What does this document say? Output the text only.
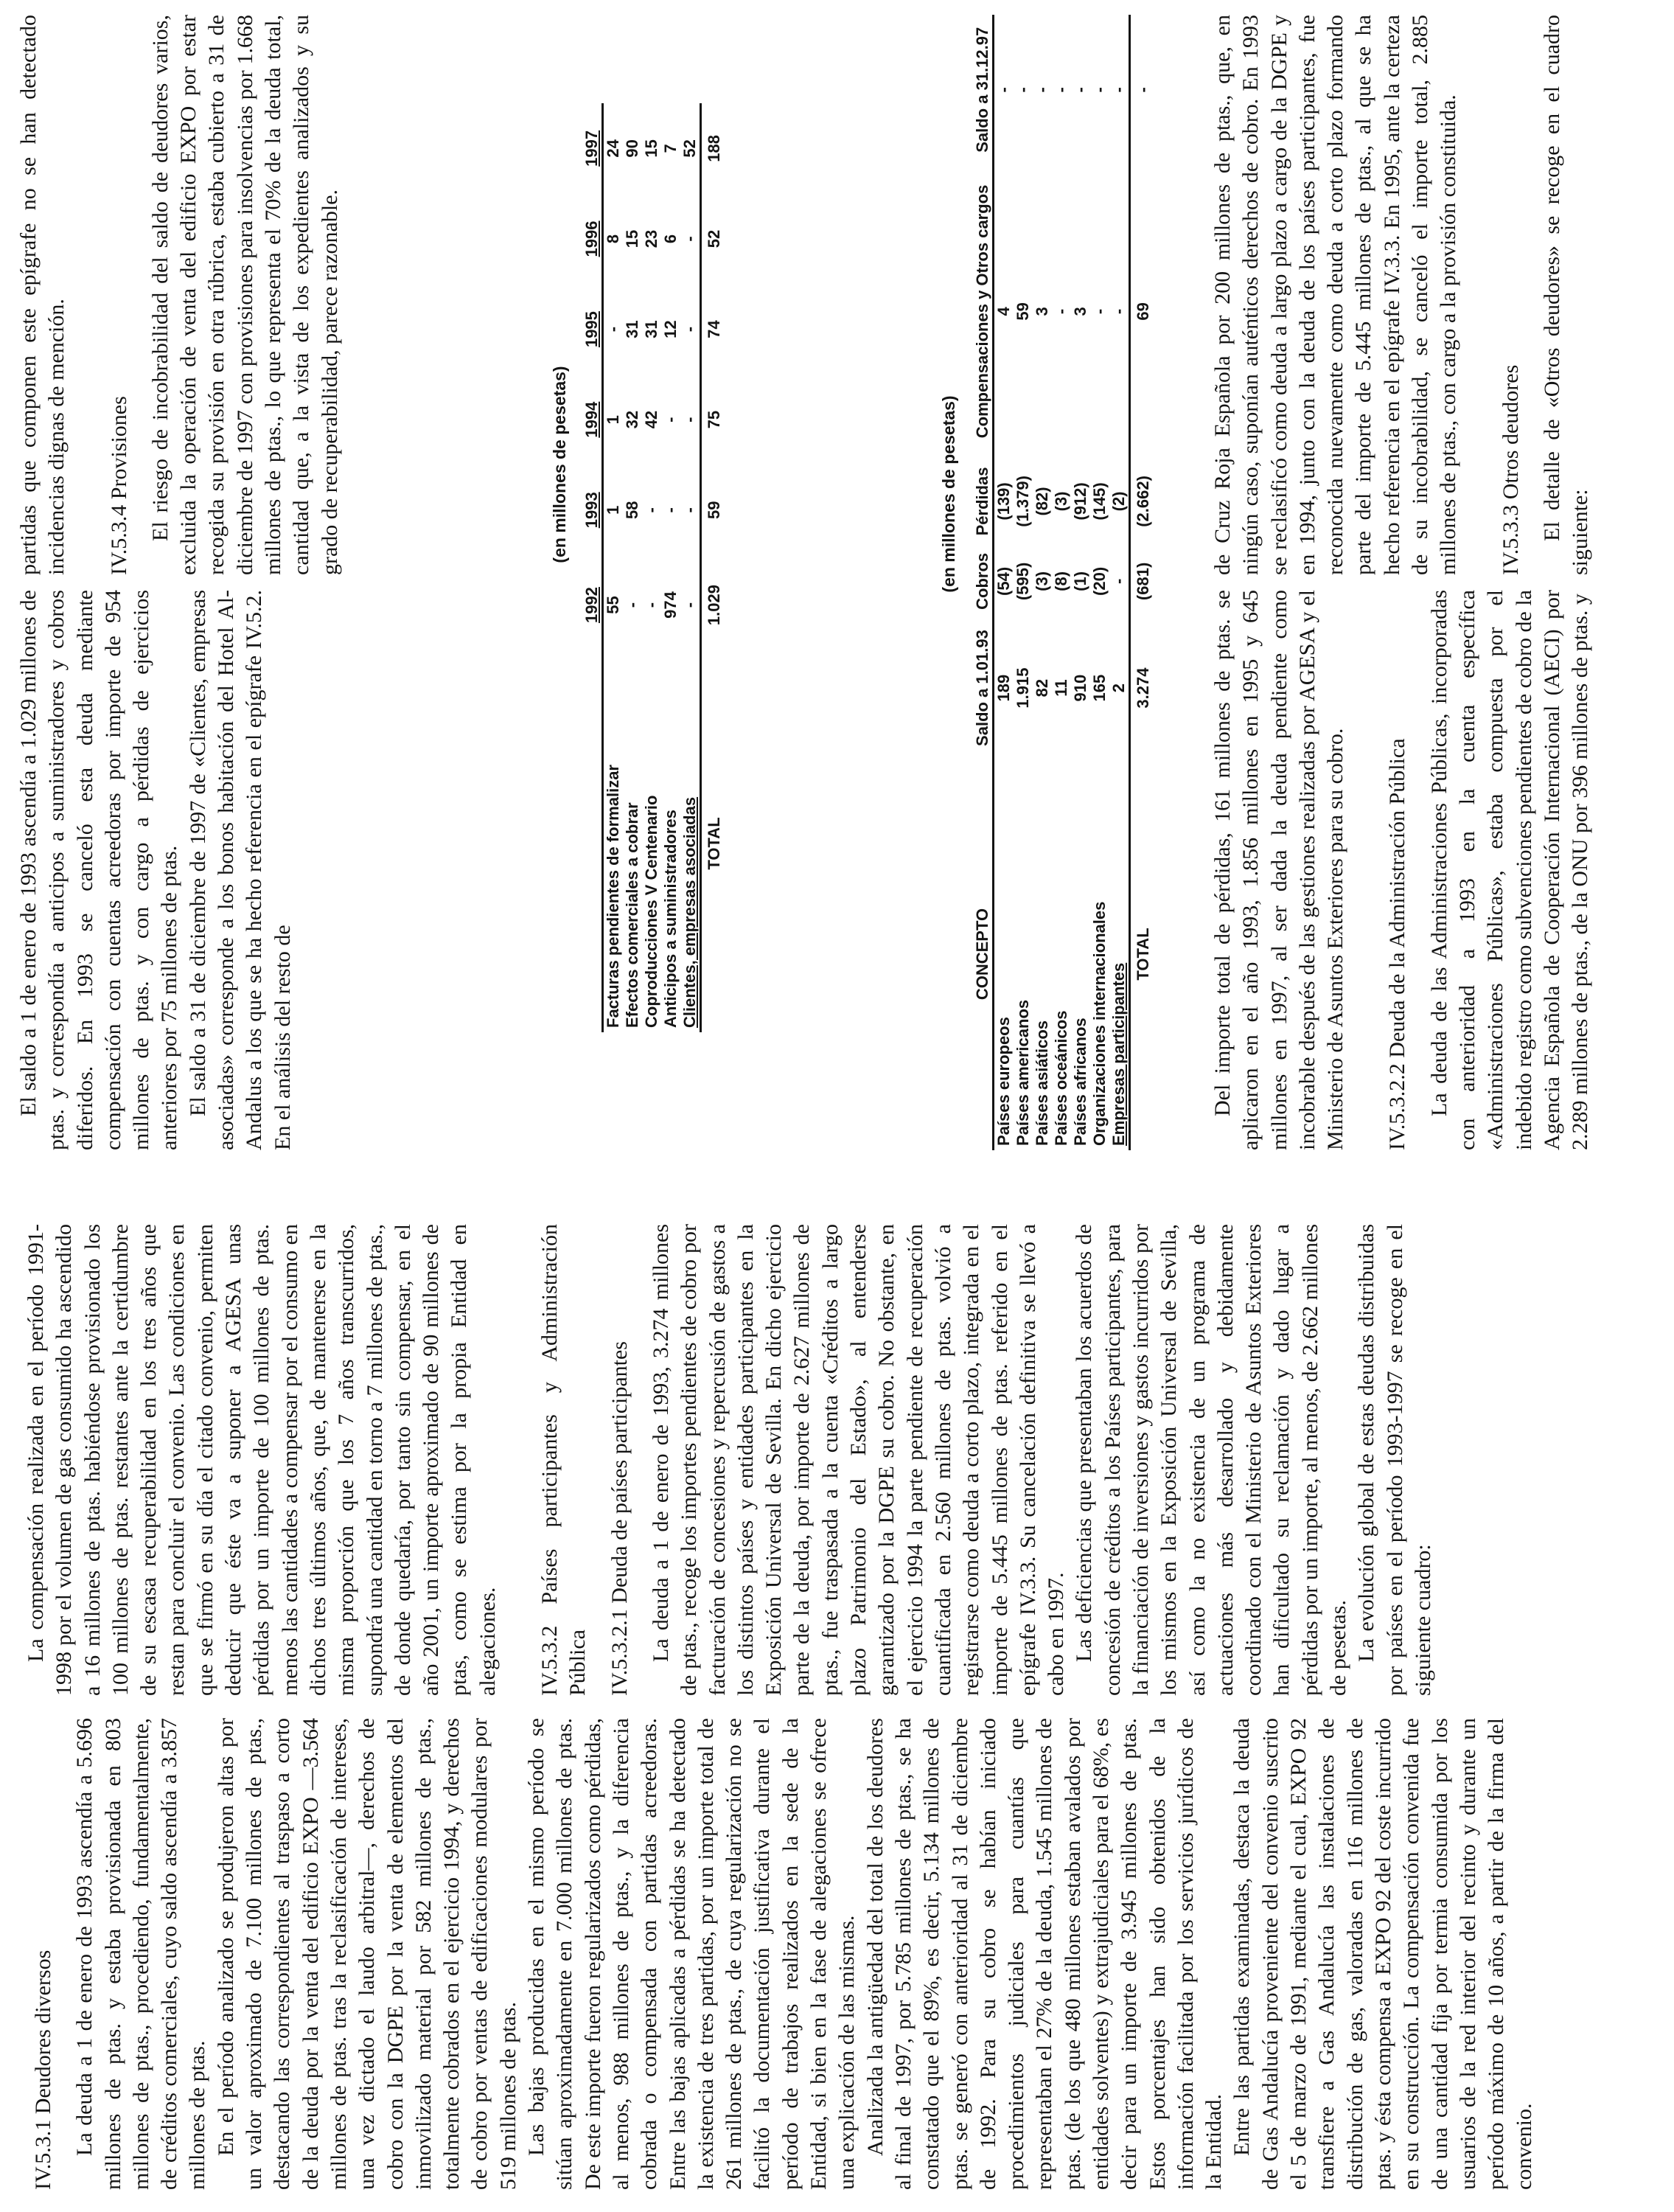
IV.5.3.1 Deudores diversos La deuda a 1 de enero de 1993 ascendía a 5.696 millones de ptas. y estaba provisionada en 803 millones de ptas., procediendo, fundamentalmente, de créditos comerciales, cuyo saldo ascendía a 3.857 millones de ptas. En el período analizado se produjeron altas por un valor aproximado de 7.100 millones de ptas., destacando las correspondientes al traspaso a corto de la deuda por la venta del edificio EXPO —3.564 millones de ptas. tras la reclasificación de intereses, una vez dictado el laudo arbitral—, derechos de cobro con la DGPE por la venta de elementos del inmovilizado material por 582 millones de ptas., totalmente cobrados en el ejercicio 1994, y derechos de cobro por ventas de edificaciones modulares por 519 millones de ptas. Las bajas producidas en el mismo período se sitúan aproximadamente en 7.000 millones de ptas. De este importe fueron regularizados como pérdidas, al menos, 988 millones de ptas., y la diferencia cobrada o compensada con partidas acreedoras. Entre las bajas aplicadas a pérdidas se ha detectado la existencia de tres partidas, por un importe total de 261 millones de ptas., de cuya regularización no se facilitó la documentación justificativa durante el período de trabajos realizados en la sede de la Entidad, si bien en la fase de alegaciones se ofrece una explicación de las mismas. Analizada la antigüedad del total de los deudores al final de 1997, por 5.785 millones de ptas., se ha constatado que el 89%, es decir, 5.134 millones de ptas. se generó con anterioridad al 31 de diciembre de 1992. Para su cobro se habían iniciado procedimientos judiciales para cuantías que representaban el 27% de la deuda, 1.545 millones de ptas. (de los que 480 millones estaban avalados por entidades solventes) y extrajudiciales para el 68%, es decir para un importe de 3.945 millones de ptas. Estos porcentajes han sido obtenidos de la información facilitada por los servicios jurídicos de la Entidad. Entre las partidas examinadas, destaca la deuda de Gas Andalucía proveniente del convenio suscrito el 5 de marzo de 1991, mediante el cual, EXPO 92 transfiere a Gas Andalucía las instalaciones de distribución de gas, valoradas en 116 millones de ptas. y ésta compensa a EXPO 92 del coste incurrido en su construcción. La compensación convenida fue de una cantidad fija por termia consumida por los usuarios de la red interior del recinto y durante un período máximo de 10 años, a partir de la firma del convenio.

La compensación realizada en el período 1991-1998 por el volumen de gas consumido ha ascendido a 16 millones de ptas. habiéndose provisionado los 100 millones de ptas. restantes ante la certidumbre de su escasa recuperabilidad en los tres años que restan para concluir el convenio. Las condiciones en que se firmó en su día el citado convenio, permiten deducir que éste va a suponer a AGESA unas pérdidas por un importe de 100 millones de ptas. menos las cantidades a compensar por el consumo en dichos tres últimos años, que, de mantenerse en la misma proporción que los 7 años transcurridos, supondrá una cantidad en torno a 7 millones de ptas., de donde quedaría, por tanto sin compensar, en el año 2001, un importe aproximado de 90 millones de ptas, como se estima por la propia Entidad en alegaciones. IV.5.3.2 Países participantes y Administración Pública IV.5.3.2.1 Deuda de países participantes La deuda a 1 de enero de 1993, 3.274 millones de ptas., recoge los importes pendientes de cobro por facturación de concesiones y repercusión de gastos a los distintos países y entidades participantes en la Exposición Universal de Sevilla. En dicho ejercicio parte de la deuda, por importe de 2.627 millones de ptas., fue traspasada a la cuenta «Créditos a largo plazo Patrimonio del Estado», al entenderse garantizado por la DGPE su cobro. No obstante, en el ejercicio 1994 la parte pendiente de recuperación cuantificada en 2.560 millones de ptas. volvió a registrarse como deuda a corto plazo, integrada en el importe de 5.445 millones de ptas. referido en el epígrafe IV.3.3. Su cancelación definitiva se llevó a cabo en 1997. Las deficiencias que presentaban los acuerdos de concesión de créditos a los Países participantes, para la financiación de inversiones y gastos incurridos por los mismos en la Exposición Universal de Sevilla, así como la no existencia de un programa de actuaciones más desarrollado y debidamente coordinado con el Ministerio de Asuntos Exteriores han dificultado su reclamación y dado lugar a pérdidas por un importe, al menos, de 2.662 millones de pesetas. La evolución global de estas deudas distribuidas por países en el período 1993-1997 se recoge en el siguiente cuadro:

(en millones de pesetas)
CONCEPTO	Saldo a 1.01.93	Cobros	Pérdidas	Compensaciones y Otros cargos	Saldo a 31.12.97
Países europeos	189	(54)	(139)	4	-
Países americanos	1.915	(595)	(1.379)	59	-
Países asiáticos	82	(3)	(82)	3	-
Países oceánicos	11	(8)	(3)	-	-
Países africanos	910	(1)	(912)	3	-
Organizaciones internacionales	165	(20)	(145)	-	-
Empresas participantes	2	-	(2)	-	-
TOTAL	3.274	(681)	(2.662)	69	-

Del importe total de pérdidas, 161 millones de ptas. se aplicaron en el año 1993, 1.856 millones en 1995 y 645 millones en 1997, al ser dada la deuda pendiente como incobrable después de las gestiones realizadas por AGESA y el Ministerio de Asuntos Exteriores para su cobro. IV.5.3.2.2 Deuda de la Administración Pública La deuda de las Administraciones Públicas, incorporadas con anterioridad a 1993 en la cuenta específica «Administraciones Públicas», estaba compuesta por el indebido registro como subvenciones pendientes de cobro de la Agencia Española de Cooperación Internacional (AECI) por 2.289 millones de ptas., de la ONU por 396 millones de ptas. y

de Cruz Roja Española por 200 millones de ptas., que, en ningún caso, suponían auténticos derechos de cobro. En 1993 se reclasificó como deuda a largo plazo a cargo de la DGPE y en 1994, junto con la deuda de los países participantes, fue reconocida nuevamente como deuda a corto plazo formando parte del importe de 5.445 millones de ptas., al que se ha hecho referencia en el epígrafe IV.3.3. En 1995, ante la certeza de su incobrabilidad, se canceló el importe total, 2.885 millones de ptas., con cargo a la provisión constituida. IV.5.3.3 Otros deudores El detalle de «Otros deudores» se recoge en el cuadro siguiente:

(en millones de pesetas)
	1992	1993	1994	1995	1996	1997
Facturas pendientes de formalizar	55	1	1	-	8	24
Efectos comerciales a cobrar	-	58	32	31	15	90
Coproducciones V Centenario	-	-	42	31	23	15
Anticipos a suministradores	974	-	-	12	6	7
Clientes, empresas asociadas	-	-	-	-	-	52
TOTAL	1.029	59	75	74	52	188

El saldo a 1 de enero de 1993 ascendía a 1.029 millones de ptas. y correspondía a anticipos a suministradores y cobros diferidos. En 1993 se canceló esta deuda mediante compensación con cuentas acreedoras por importe de 954 millones de ptas. y con cargo a pérdidas de ejercicios anteriores por 75 millones de ptas. El saldo a 31 de diciembre de 1997 de «Clientes, empresas asociadas» corresponde a los bonos habitación del Hotel Al-Andalus a los que se ha hecho referencia en el epígrafe IV.5.2. En el análisis del resto de

partidas que componen este epígrafe no se han detectado incidencias dignas de mención. IV.5.3.4 Provisiones El riesgo de incobrabilidad del saldo de deudores varios, excluida la operación de venta del edificio EXPO por estar recogida su provisión en otra rúbrica, estaba cubierto a 31 de diciembre de 1997 con provisiones para insolvencias por 1.668 millones de ptas., lo que representa el 70% de la deuda total, cantidad que, a la vista de los expedientes analizados y su grado de recuperabilidad, parece razonable.
